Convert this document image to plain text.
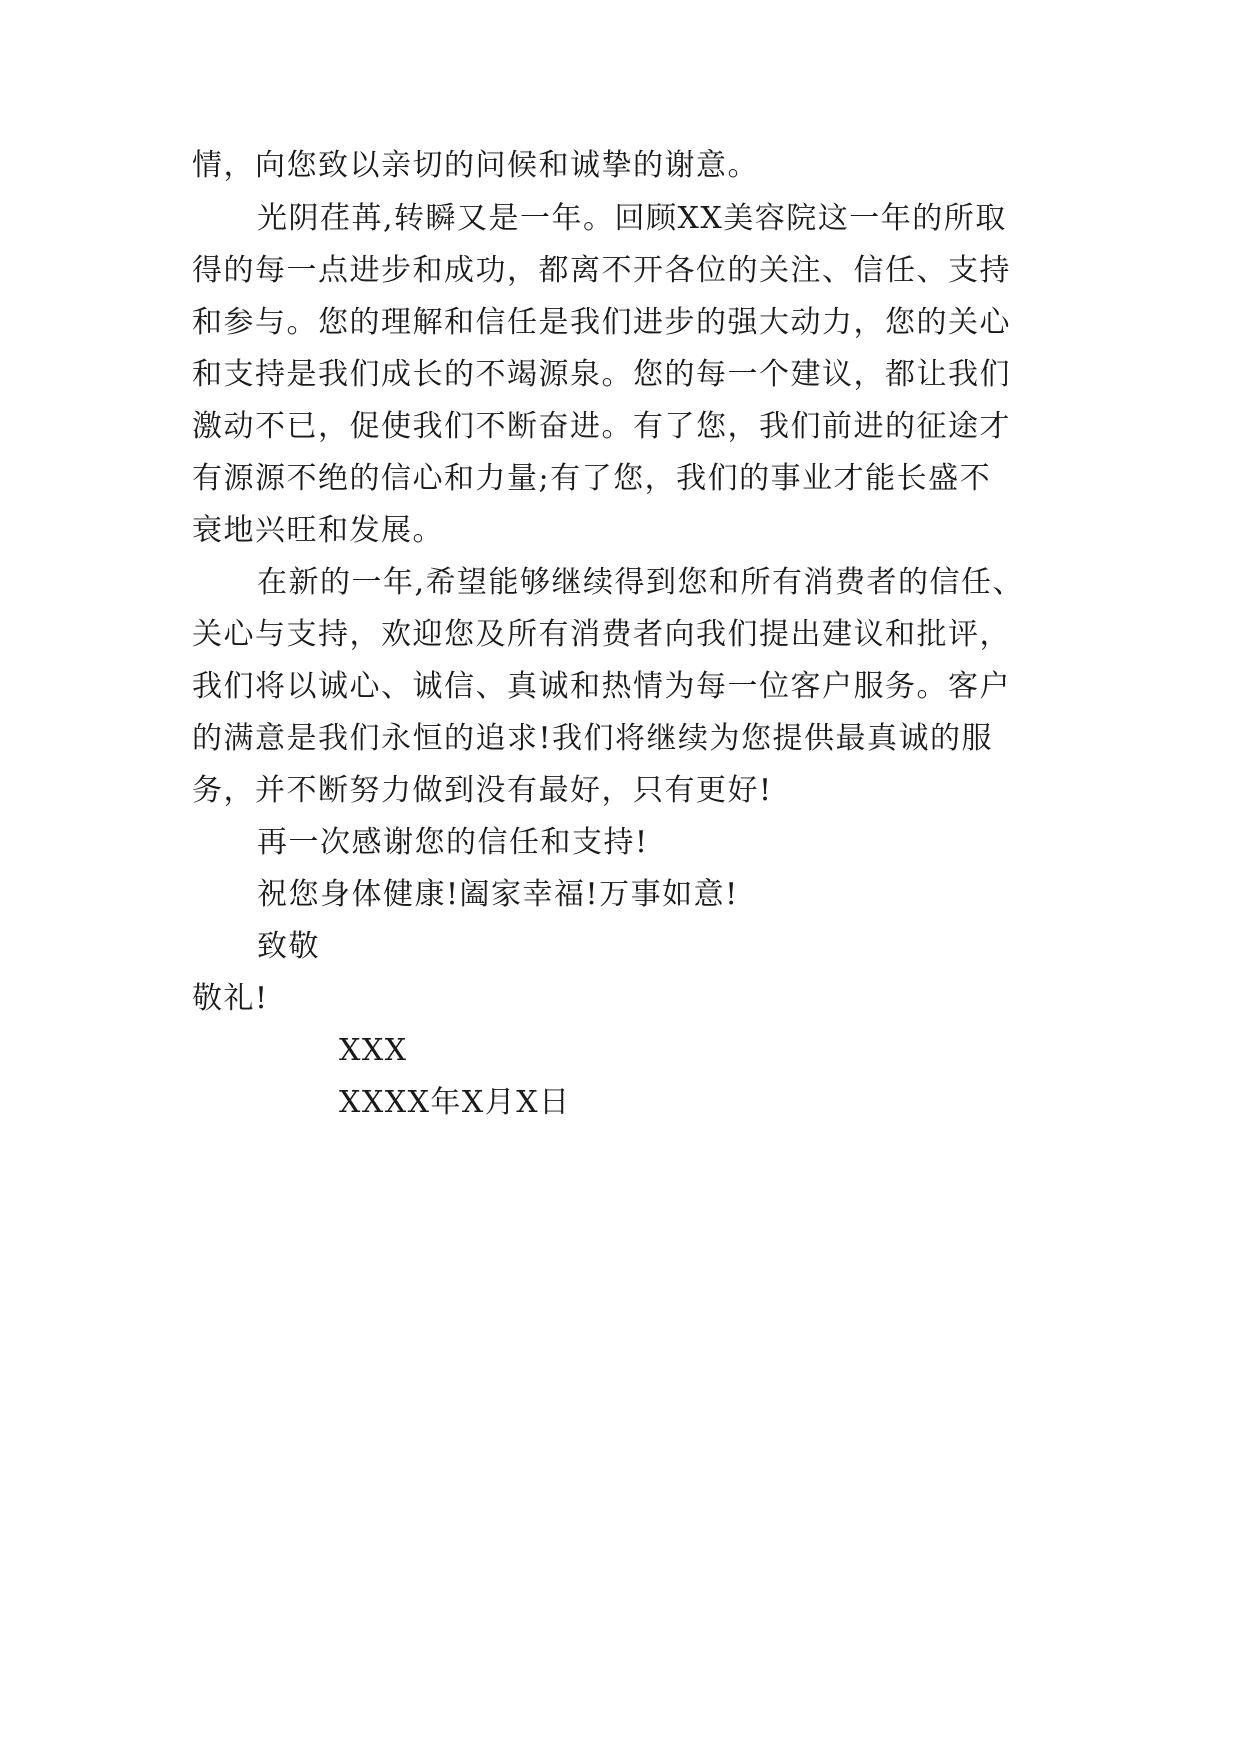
情，向您致以亲切的问候和诚挚的谢意。
光阴荏苒,转瞬又是一年。回顾XX美容院这一年的所取
得的每一点进步和成功，都离不开各位的关注、信任、支持
和参与。您的理解和信任是我们进步的强大动力，您的关心
和支持是我们成长的不竭源泉。您的每一个建议，都让我们
激动不已，促使我们不断奋进。有了您，我们前进的征途才
有源源不绝的信心和力量;有了您，我们的事业才能长盛不
衰地兴旺和发展。
在新的一年,希望能够继续得到您和所有消费者的信任、
关心与支持，欢迎您及所有消费者向我们提出建议和批评，
我们将以诚心、诚信、真诚和热情为每一位客户服务。客户
的满意是我们永恒的追求!我们将继续为您提供最真诚的服
务，并不断努力做到没有最好，只有更好!
再一次感谢您的信任和支持!
祝您身体健康!阖家幸福!万事如意!
致敬
敬礼!
XXX
XXXX年X月X日
